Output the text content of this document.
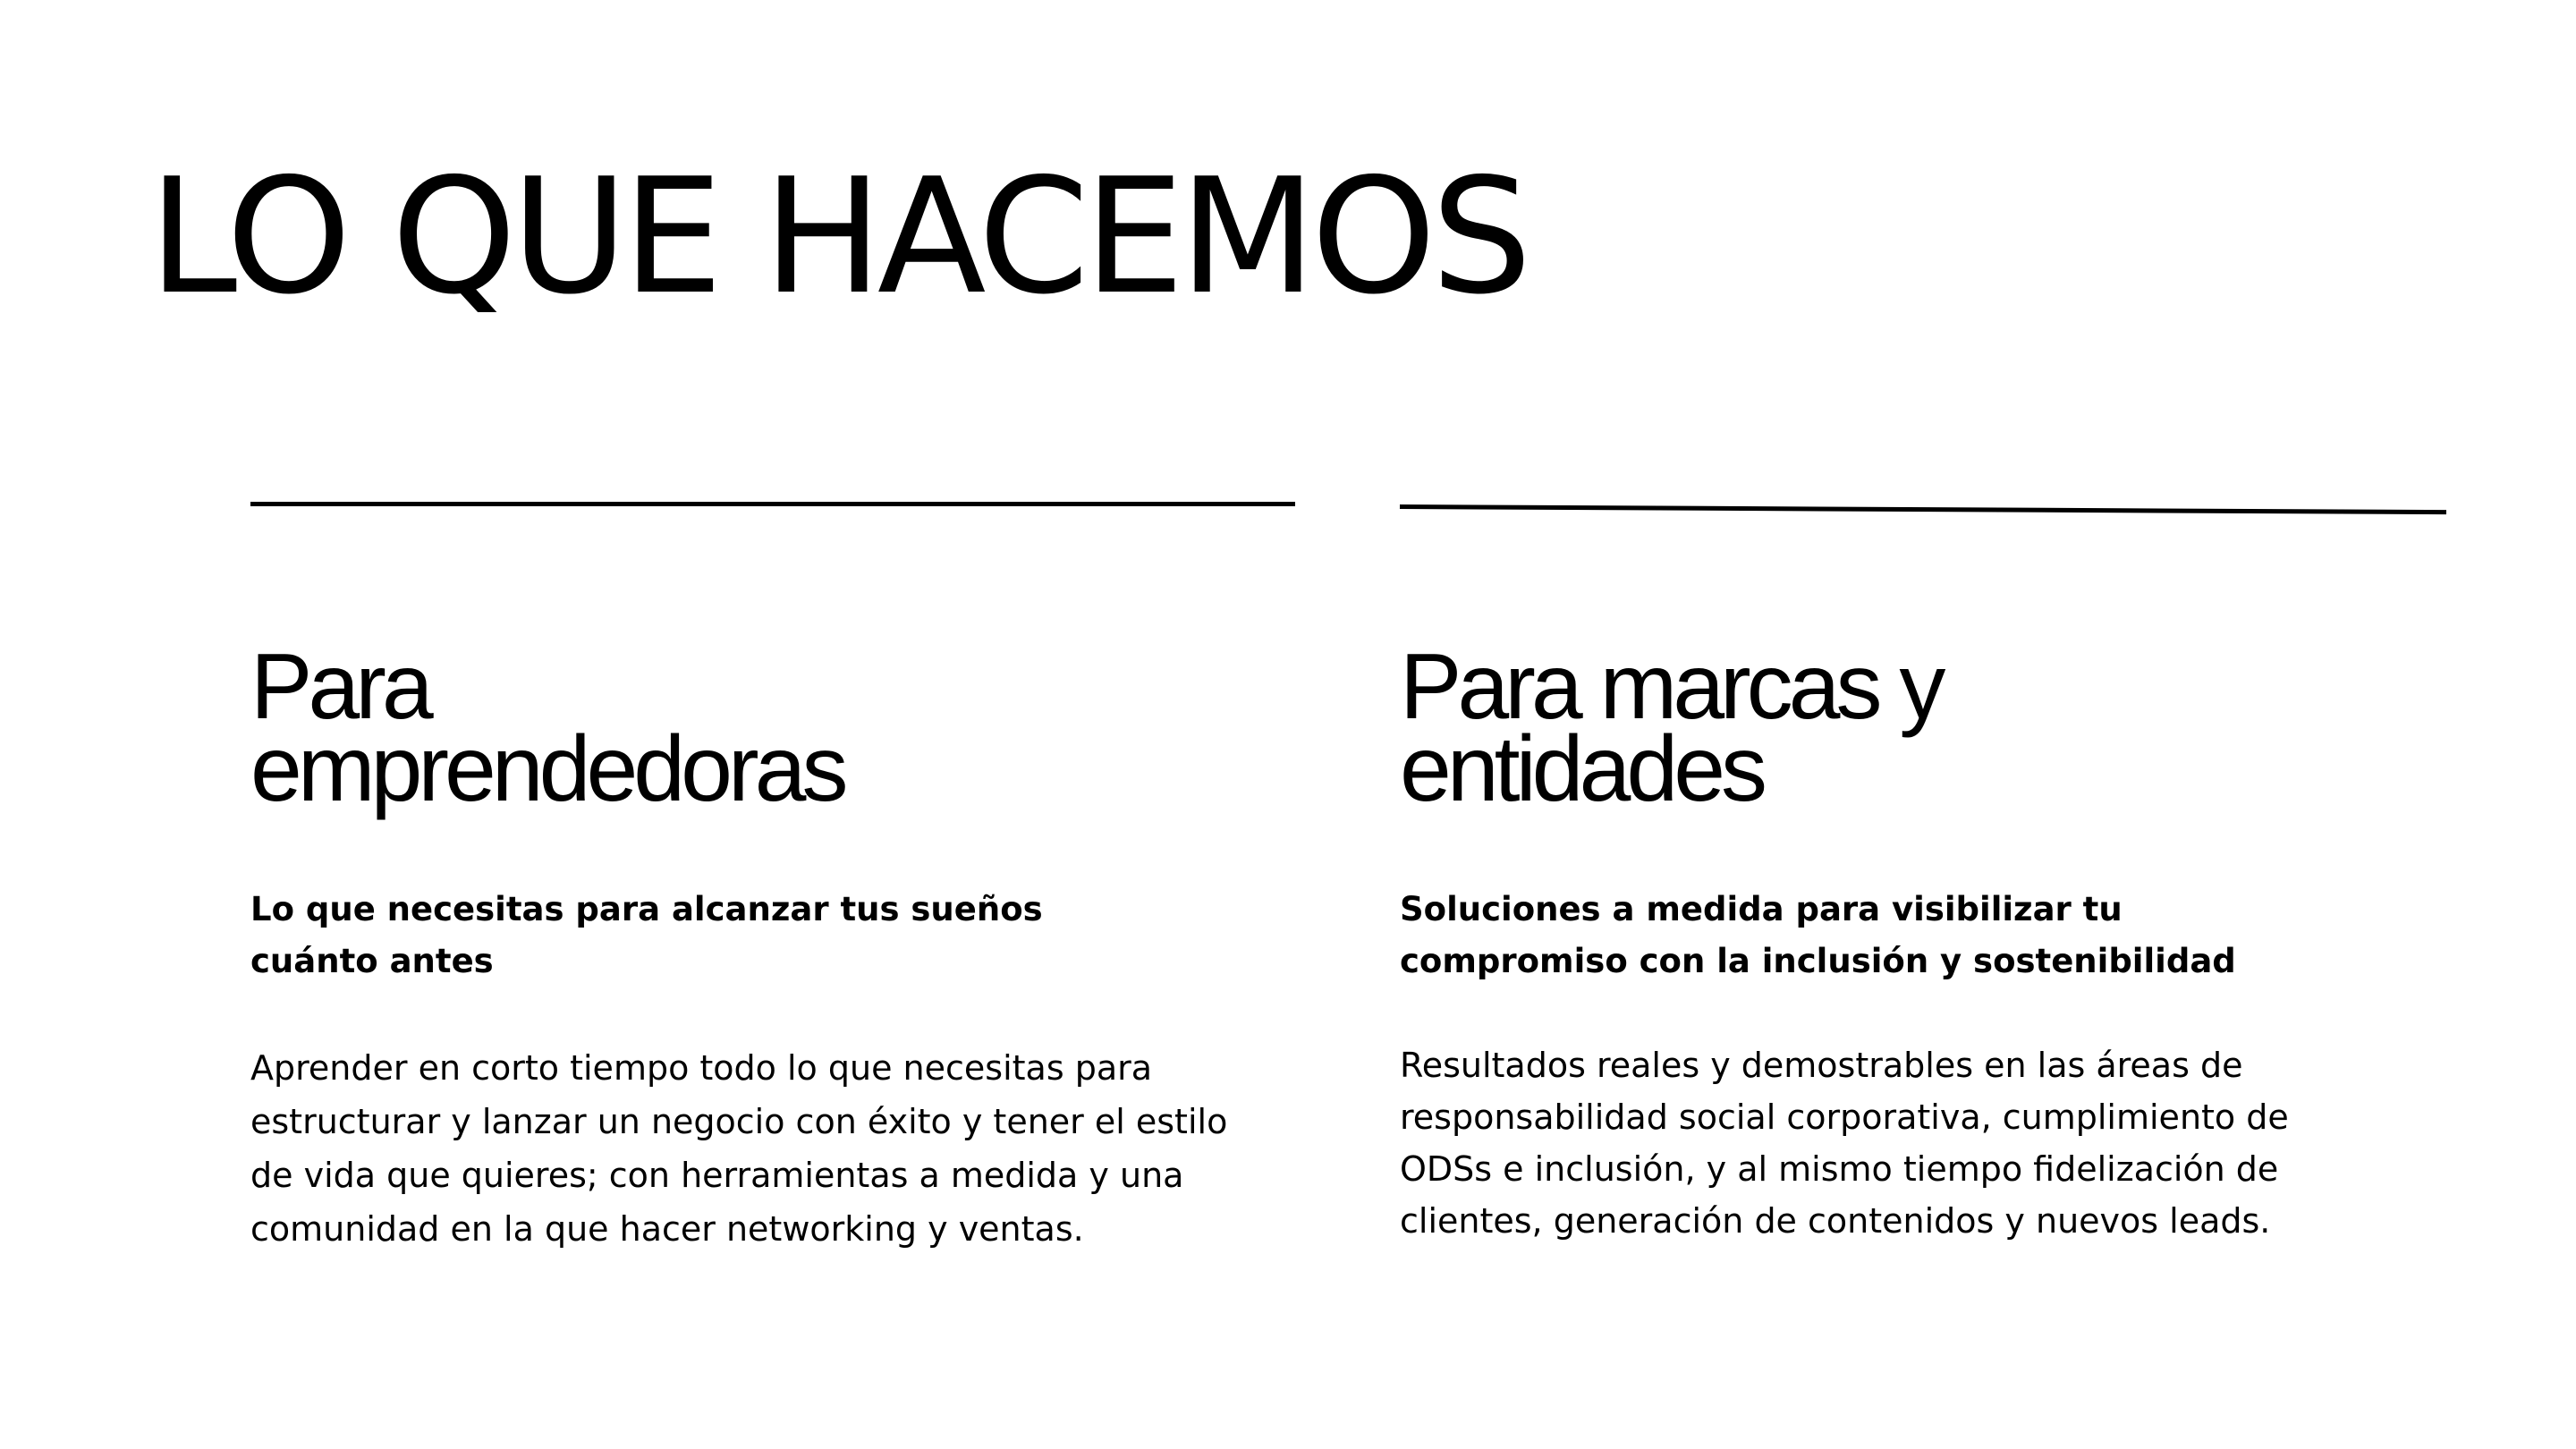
LO QUE HACEMOS
Para
emprendedoras

Lo que necesitas para alcanzar tus sueños
cuánto antes

Aprender en corto tiempo todo lo que necesitas para
estructurar y lanzar un negocio con éxito y tener el estilo
de vida que quieres; con herramientas a medida y una
comunidad en la que hacer networking y ventas.

Para marcas y
entidades

Soluciones a medida para visibilizar tu
compromiso con la inclusión y sostenibilidad

Resultados reales y demostrables en las áreas de
responsabilidad social corporativa, cumplimiento de
ODSs e inclusión, y al mismo tiempo fidelización de
clientes, generación de contenidos y nuevos leads.
